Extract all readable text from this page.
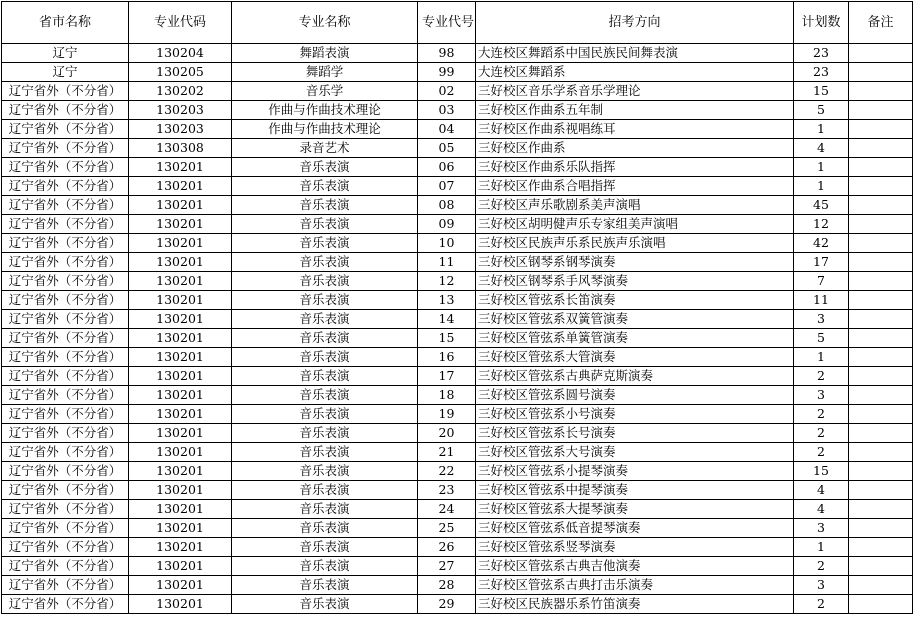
省市名称	专业代码	专业名称	专业代号	招考方向	计划数	备注
辽宁	130204	舞蹈表演	98	大连校区舞蹈系中国民族民间舞表演	23	
辽宁	130205	舞蹈学	99	大连校区舞蹈系	23	
辽宁省外（不分省）	130202	音乐学	02	三好校区音乐学系音乐学理论	15	
辽宁省外（不分省）	130203	作曲与作曲技术理论	03	三好校区作曲系五年制	5	
辽宁省外（不分省）	130203	作曲与作曲技术理论	04	三好校区作曲系视唱练耳	1	
辽宁省外（不分省）	130308	录音艺术	05	三好校区作曲系	4	
辽宁省外（不分省）	130201	音乐表演	06	三好校区作曲系乐队指挥	1	
辽宁省外（不分省）	130201	音乐表演	07	三好校区作曲系合唱指挥	1	
辽宁省外（不分省）	130201	音乐表演	08	三好校区声乐歌剧系美声演唱	45	
辽宁省外（不分省）	130201	音乐表演	09	三好校区胡明健声乐专家组美声演唱	12	
辽宁省外（不分省）	130201	音乐表演	10	三好校区民族声乐系民族声乐演唱	42	
辽宁省外（不分省）	130201	音乐表演	11	三好校区钢琴系钢琴演奏	17	
辽宁省外（不分省）	130201	音乐表演	12	三好校区钢琴系手风琴演奏	7	
辽宁省外（不分省）	130201	音乐表演	13	三好校区管弦系长笛演奏	11	
辽宁省外（不分省）	130201	音乐表演	14	三好校区管弦系双簧管演奏	3	
辽宁省外（不分省）	130201	音乐表演	15	三好校区管弦系单簧管演奏	5	
辽宁省外（不分省）	130201	音乐表演	16	三好校区管弦系大管演奏	1	
辽宁省外（不分省）	130201	音乐表演	17	三好校区管弦系古典萨克斯演奏	2	
辽宁省外（不分省）	130201	音乐表演	18	三好校区管弦系圆号演奏	3	
辽宁省外（不分省）	130201	音乐表演	19	三好校区管弦系小号演奏	2	
辽宁省外（不分省）	130201	音乐表演	20	三好校区管弦系长号演奏	2	
辽宁省外（不分省）	130201	音乐表演	21	三好校区管弦系大号演奏	2	
辽宁省外（不分省）	130201	音乐表演	22	三好校区管弦系小提琴演奏	15	
辽宁省外（不分省）	130201	音乐表演	23	三好校区管弦系中提琴演奏	4	
辽宁省外（不分省）	130201	音乐表演	24	三好校区管弦系大提琴演奏	4	
辽宁省外（不分省）	130201	音乐表演	25	三好校区管弦系低音提琴演奏	3	
辽宁省外（不分省）	130201	音乐表演	26	三好校区管弦系竖琴演奏	1	
辽宁省外（不分省）	130201	音乐表演	27	三好校区管弦系古典吉他演奏	2	
辽宁省外（不分省）	130201	音乐表演	28	三好校区管弦系古典打击乐演奏	3	
辽宁省外（不分省）	130201	音乐表演	29	三好校区民族器乐系竹笛演奏	2	
